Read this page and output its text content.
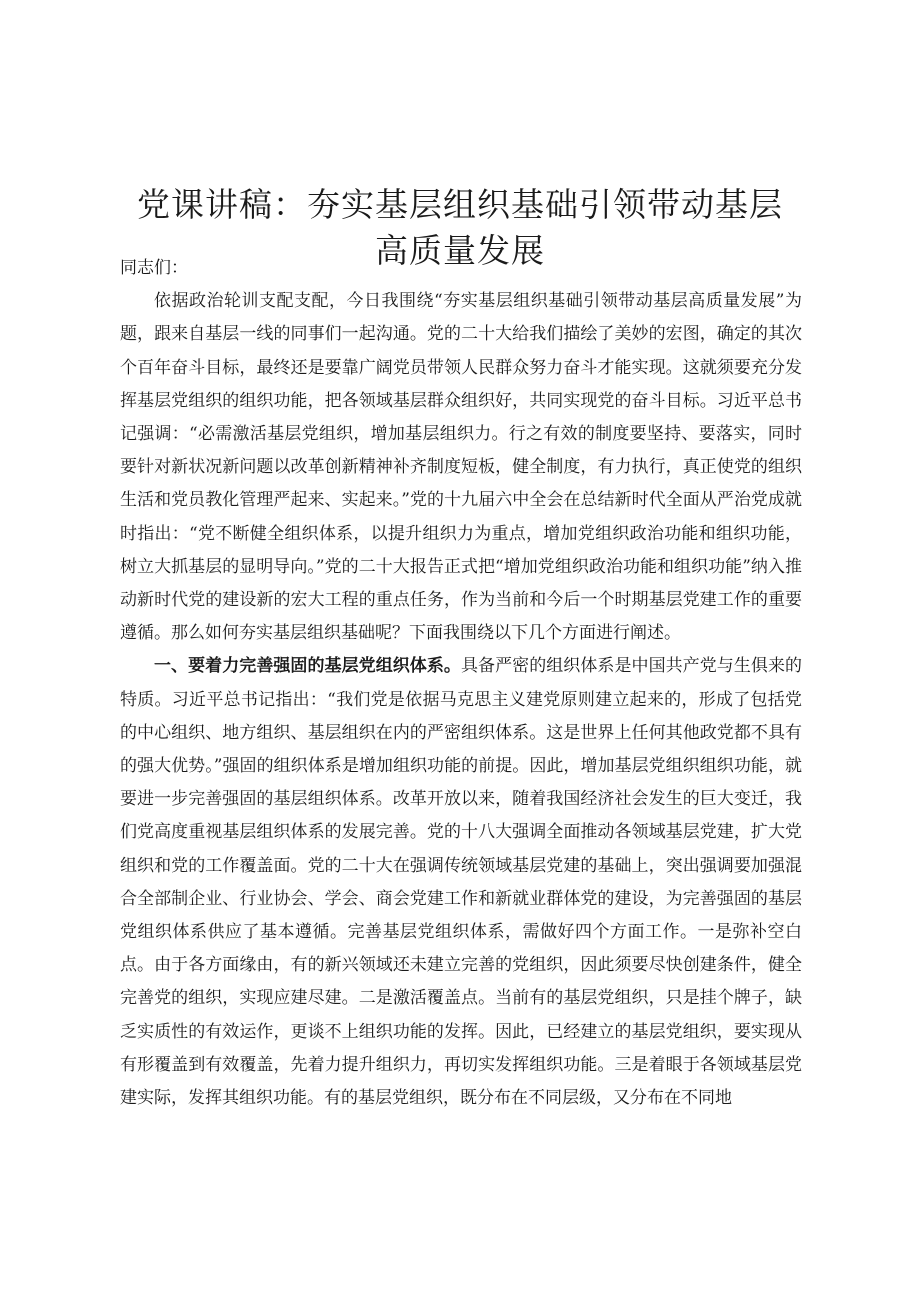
党课讲稿：夯实基层组织基础引领带动基层
高质量发展

同志们：

依据政治轮训支配支配，今日我围绕“夯实基层组织基础引领带动基层高质量发展”为题，跟来自基层一线的同事们一起沟通。党的二十大给我们描绘了美妙的宏图，确定的其次个百年奋斗目标，最终还是要靠广阔党员带领人民群众努力奋斗才能实现。这就须要充分发挥基层党组织的组织功能，把各领域基层群众组织好，共同实现党的奋斗目标。习近平总书记强调：“必需激活基层党组织，增加基层组织力。行之有效的制度要坚持、要落实，同时要针对新状况新问题以改革创新精神补齐制度短板，健全制度，有力执行，真正使党的组织生活和党员教化管理严起来、实起来。”党的十九届六中全会在总结新时代全面从严治党成就时指出：“党不断健全组织体系，以提升组织力为重点，增加党组织政治功能和组织功能，树立大抓基层的显明导向。”党的二十大报告正式把“增加党组织政治功能和组织功能”纳入推动新时代党的建设新的宏大工程的重点任务，作为当前和今后一个时期基层党建工作的重要遵循。那么如何夯实基层组织基础呢？下面我围绕以下几个方面进行阐述。

一、要着力完善强固的基层党组织体系。具备严密的组织体系是中国共产党与生俱来的特质。习近平总书记指出：“我们党是依据马克思主义建党原则建立起来的，形成了包括党的中心组织、地方组织、基层组织在内的严密组织体系。这是世界上任何其他政党都不具有的强大优势。”强固的组织体系是增加组织功能的前提。因此，增加基层党组织组织功能，就要进一步完善强固的基层组织体系。改革开放以来，随着我国经济社会发生的巨大变迁，我们党高度重视基层组织体系的发展完善。党的十八大强调全面推动各领域基层党建，扩大党组织和党的工作覆盖面。党的二十大在强调传统领域基层党建的基础上，突出强调要加强混合全部制企业、行业协会、学会、商会党建工作和新就业群体党的建设，为完善强固的基层党组织体系供应了基本遵循。完善基层党组织体系，需做好四个方面工作。一是弥补空白点。由于各方面缘由，有的新兴领域还未建立完善的党组织，因此须要尽快创建条件，健全完善党的组织，实现应建尽建。二是激活覆盖点。当前有的基层党组织，只是挂个牌子，缺乏实质性的有效运作，更谈不上组织功能的发挥。因此，已经建立的基层党组织，要实现从有形覆盖到有效覆盖，先着力提升组织力，再切实发挥组织功能。三是着眼于各领域基层党建实际，发挥其组织功能。有的基层党组织，既分布在不同层级，又分布在不同地
